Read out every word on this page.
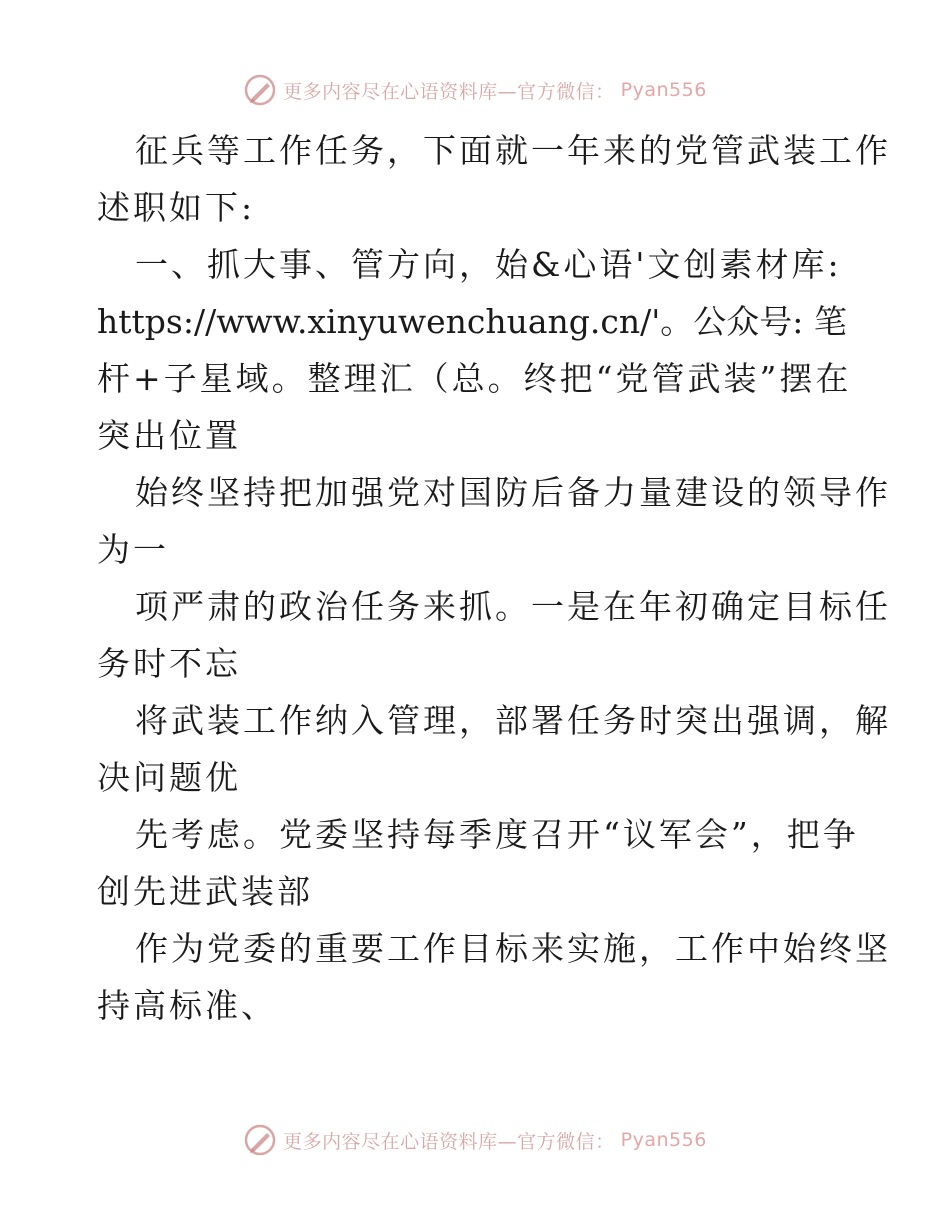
更多内容尽在心语资料库—官方微信： Pyan556
征兵等工作任务，下面就一年来的党管武装工作
述职如下:
一、抓大事、管方向，始&心语'文创素材库:
https://www.xinyuwenchuang.cn/'。公众号: 笔
杆+子星域。整理汇（总。终把“党管武装”摆在
突出位置
始终坚持把加强党对国防后备力量建设的领导作
为一
项严肃的政治任务来抓。一是在年初确定目标任
务时不忘
将武装工作纳入管理，部署任务时突出强调，解
决问题优
先考虑。党委坚持每季度召开“议军会”，把争
创先进武装部
作为党委的重要工作目标来实施，工作中始终坚
持高标准、
更多内容尽在心语资料库—官方微信： Pyan556
